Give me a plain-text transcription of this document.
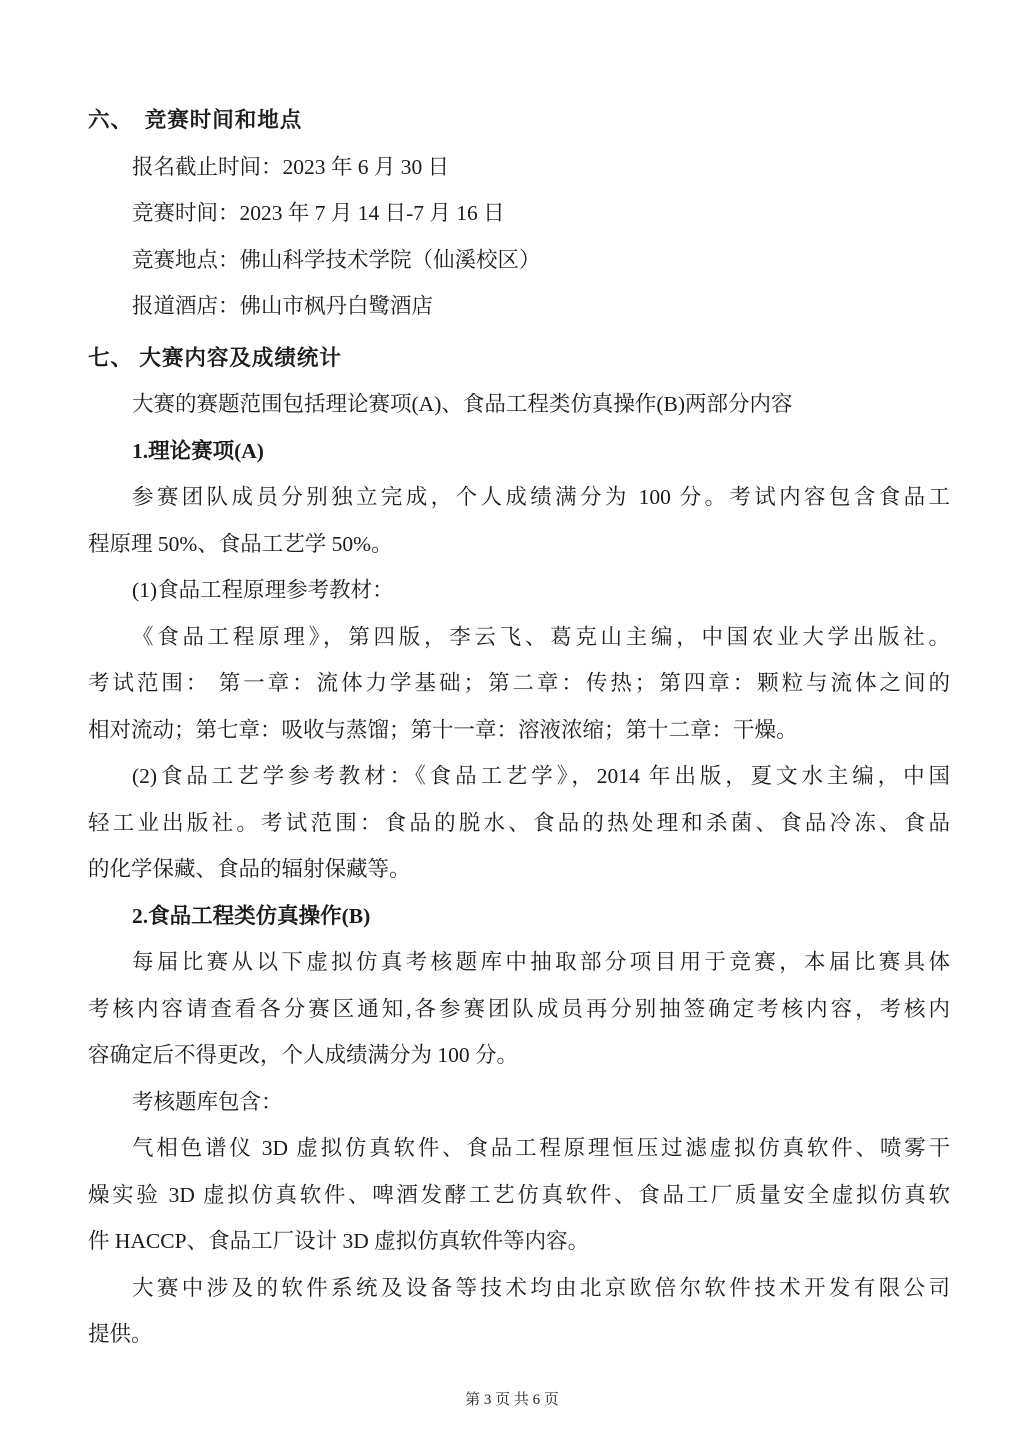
六、　竞赛时间和地点
报名截止时间：2023 年 6 月 30 日
竞赛时间：2023 年 7 月 14 日-7 月 16 日
竞赛地点：佛山科学技术学院（仙溪校区）
报道酒店：佛山市枫丹白鹭酒店
七、 大赛内容及成绩统计
大赛的赛题范围包括理论赛项(A)、食品工程类仿真操作(B)两部分内容
1.理论赛项(A)
参赛团队成员分别独立完成，个人成绩满分为 100 分。考试内容包含食品工
程原理 50%、食品工艺学 50%。
(1)食品工程原理参考教材：
《食品工程原理》，第四版，李云飞、葛克山主编，中国农业大学出版社。
考试范围： 第一章：流体力学基础；第二章：传热；第四章：颗粒与流体之间的
相对流动；第七章：吸收与蒸馏；第十一章：溶液浓缩；第十二章：干燥。
(2)食品工艺学参考教材：《食品工艺学》，2014 年出版，夏文水主编，中国
轻工业出版社。考试范围：食品的脱水、食品的热处理和杀菌、食品冷冻、食品
的化学保藏、食品的辐射保藏等。
2.食品工程类仿真操作(B)
每届比赛从以下虚拟仿真考核题库中抽取部分项目用于竞赛，本届比赛具体
考核内容请查看各分赛区通知,各参赛团队成员再分别抽签确定考核内容，考核内
容确定后不得更改，个人成绩满分为 100 分。
考核题库包含：
气相色谱仪 3D 虚拟仿真软件、食品工程原理恒压过滤虚拟仿真软件、喷雾干
燥实验 3D 虚拟仿真软件、啤酒发酵工艺仿真软件、食品工厂质量安全虚拟仿真软
件 HACCP、食品工厂设计 3D 虚拟仿真软件等内容。
大赛中涉及的软件系统及设备等技术均由北京欧倍尔软件技术开发有限公司
提供。
第 3 页 共 6 页
